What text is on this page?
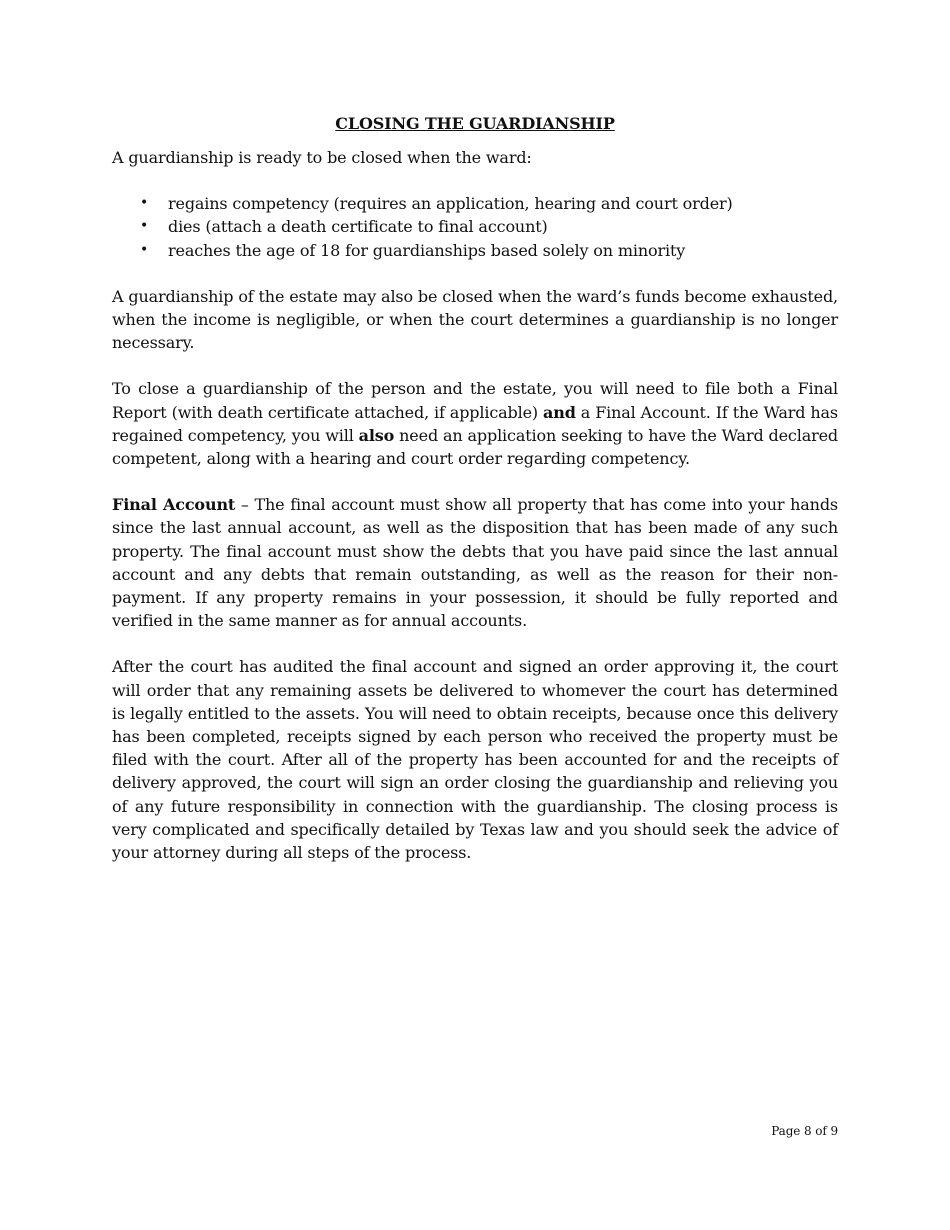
CLOSING THE GUARDIANSHIP
A guardianship is ready to be closed when the ward:
• regains competency (requires an application, hearing and court order)
• dies (attach a death certificate to final account)
• reaches the age of 18 for guardianships based solely on minority
A guardianship of the estate may also be closed when the ward’s funds become exhausted, when the income is negligible, or when the court determines a guardianship is no longer necessary.
To close a guardianship of the person and the estate, you will need to file both a Final Report (with death certificate attached, if applicable) and a Final Account. If the Ward has regained competency, you will also need an application seeking to have the Ward declared competent, along with a hearing and court order regarding competency.
Final Account – The final account must show all property that has come into your hands since the last annual account, as well as the disposition that has been made of any such property. The final account must show the debts that you have paid since the last annual account and any debts that remain outstanding, as well as the reason for their non-payment. If any property remains in your possession, it should be fully reported and verified in the same manner as for annual accounts.
After the court has audited the final account and signed an order approving it, the court will order that any remaining assets be delivered to whomever the court has determined is legally entitled to the assets. You will need to obtain receipts, because once this delivery has been completed, receipts signed by each person who received the property must be filed with the court. After all of the property has been accounted for and the receipts of delivery approved, the court will sign an order closing the guardianship and relieving you of any future responsibility in connection with the guardianship. The closing process is very complicated and specifically detailed by Texas law and you should seek the advice of your attorney during all steps of the process.
Page 8 of 9
